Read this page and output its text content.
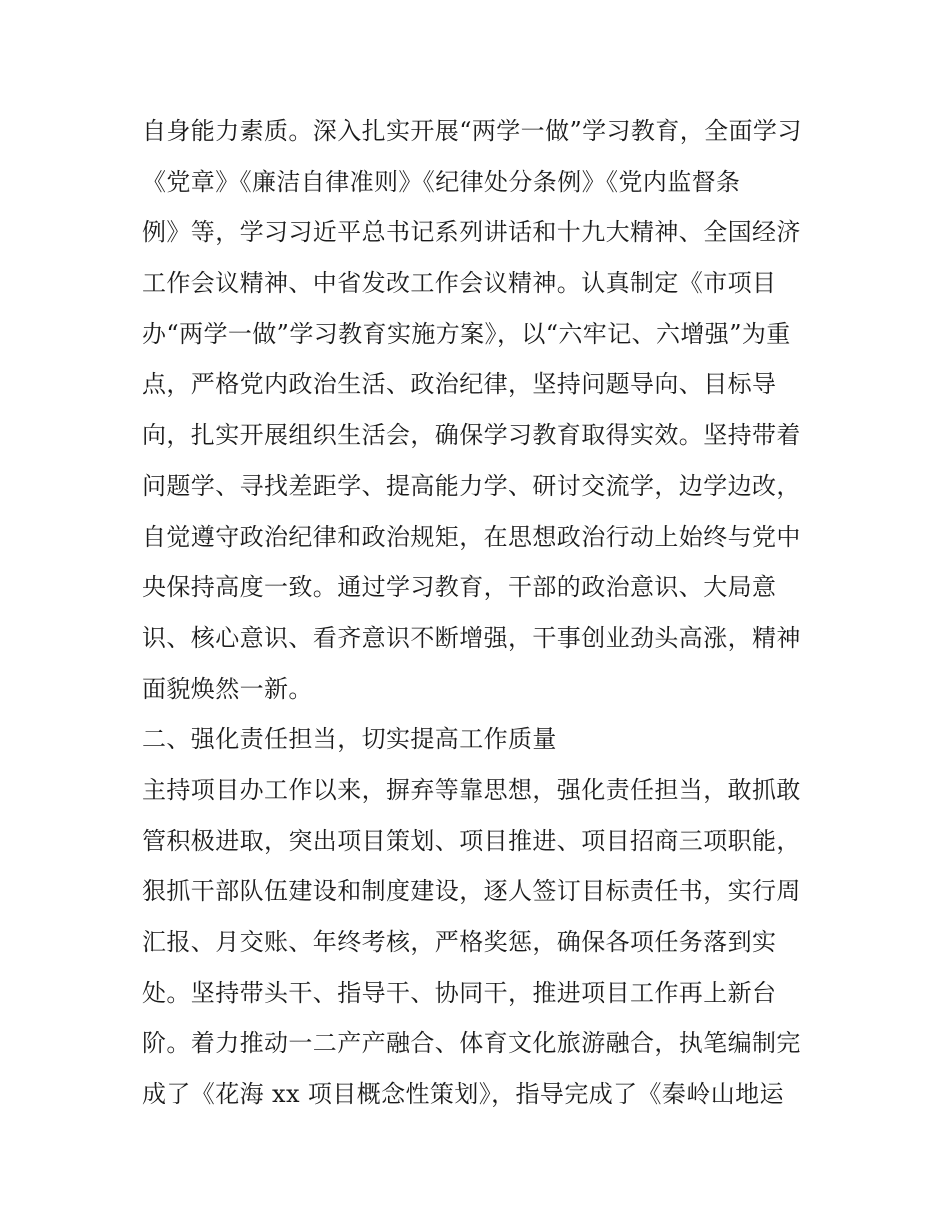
自身能力素质。深入扎实开展“两学一做”学习教育，全面学习
《党章》《廉洁自律准则》《纪律处分条例》《党内监督条
例》等，学习习近平总书记系列讲话和十九大精神、全国经济
工作会议精神、中省发改工作会议精神。认真制定《市项目
办“两学一做”学习教育实施方案》，以“六牢记、六增强”为重
点，严格党内政治生活、政治纪律，坚持问题导向、目标导
向，扎实开展组织生活会，确保学习教育取得实效。坚持带着
问题学、寻找差距学、提高能力学、研讨交流学，边学边改，
自觉遵守政治纪律和政治规矩，在思想政治行动上始终与党中
央保持高度一致。通过学习教育，干部的政治意识、大局意
识、核心意识、看齐意识不断增强，干事创业劲头高涨，精神
面貌焕然一新。
二、强化责任担当，切实提高工作质量
主持项目办工作以来，摒弃等靠思想，强化责任担当，敢抓敢
管积极进取，突出项目策划、项目推进、项目招商三项职能，
狠抓干部队伍建设和制度建设，逐人签订目标责任书，实行周
汇报、月交账、年终考核，严格奖惩，确保各项任务落到实
处。坚持带头干、指导干、协同干，推进项目工作再上新台
阶。着力推动一二产产融合、体育文化旅游融合，执笔编制完
成了《花海 xx 项目概念性策划》，指导完成了《秦岭山地运
